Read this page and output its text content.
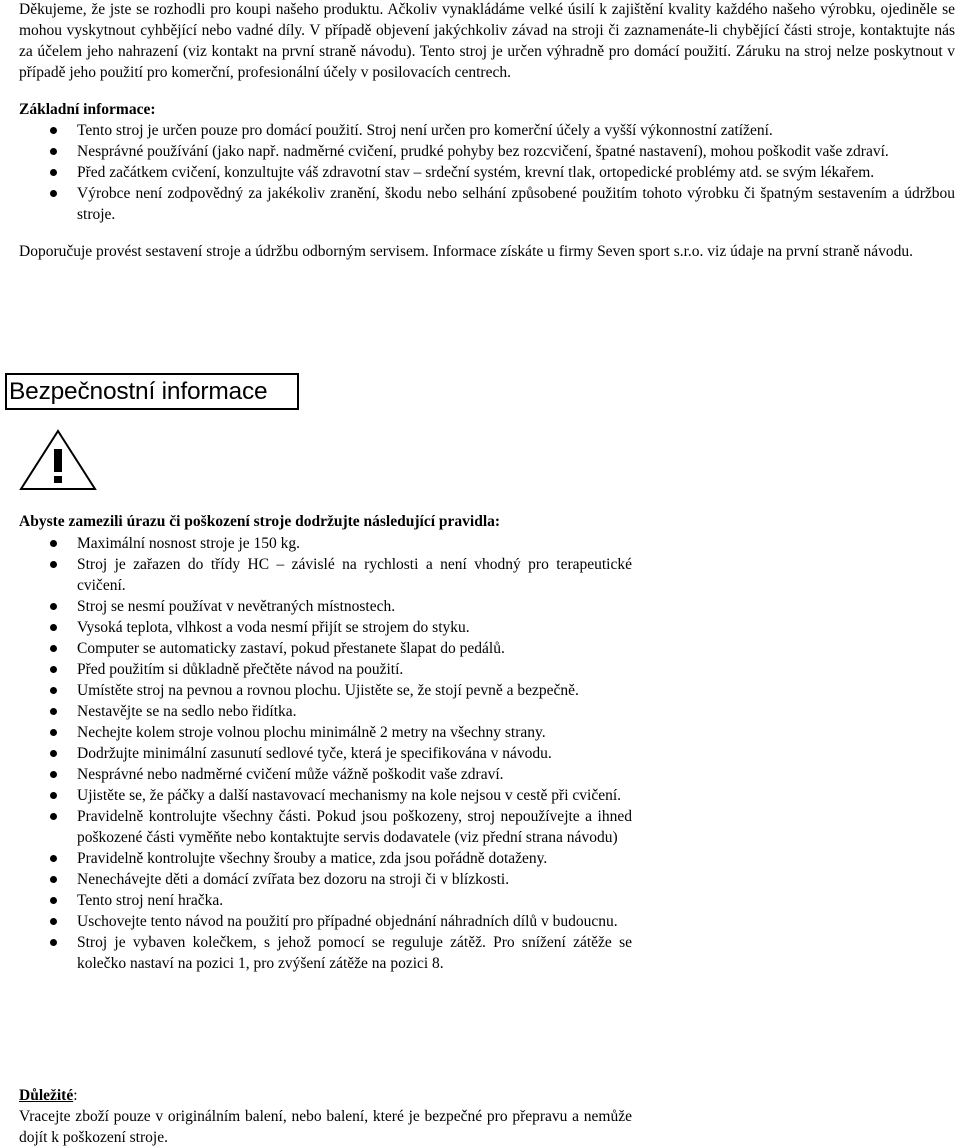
Děkujeme, že jste se rozhodli pro koupi našeho produktu. Ačkoliv vynakládáme velké úsilí k zajištění kvality každého našeho výrobku, ojediněle se mohou vyskytnout cyhbějící nebo vadné díly. V případě objevení jakýchkoliv závad na stroji či zaznamenáte-li chybějící části stroje, kontaktujte nás za účelem jeho nahrazení (viz kontakt na první straně návodu). Tento stroj je určen výhradně pro domácí použití. Záruku na stroj nelze poskytnout v případě jeho použití pro komerční, profesionální účely v posilovacích centrech.

Základní informace:
Tento stroj je určen pouze pro domácí použití. Stroj není určen pro komerční účely a vyšší výkonnostní zatížení.
Nesprávné používání (jako např. nadměrné cvičení, prudké pohyby bez rozcvičení, špatné nastavení), mohou poškodit vaše zdraví.
Před začátkem cvičení, konzultujte váš zdravotní stav – srdeční systém, krevní tlak, ortopedické problémy atd. se svým lékařem.
Výrobce není zodpovědný za jakékoliv zranění, škodu nebo selhání způsobené použitím tohoto výrobku či špatným sestavením a údržbou stroje.

Doporučuje provést sestavení stroje a údržbu odborným servisem. Informace získáte u firmy Seven sport s.r.o. viz údaje na první straně návodu.

Bezpečnostní informace
Abyste zamezili úrazu či poškození stroje dodržujte následující pravidla:
Maximální nosnost stroje je 150 kg.
Stroj je zařazen do třídy HC – závislé na rychlosti a není vhodný pro terapeutické cvičení.
Stroj se nesmí používat v nevětraných místnostech.
Vysoká teplota, vlhkost a voda nesmí přijít se strojem do styku.
Computer se automaticky zastaví, pokud přestanete šlapat do pedálů.
Před použitím si důkladně přečtěte návod na použití.
Umístěte stroj na pevnou a rovnou plochu. Ujistěte se, že stojí pevně a bezpečně.
Nestavějte se na sedlo nebo řidítka.
Nechejte kolem stroje volnou plochu minimálně 2 metry na všechny strany.
Dodržujte minimální zasunutí sedlové tyče, která je specifikována v návodu.
Nesprávné nebo nadměrné cvičení může vážně poškodit vaše zdraví.
Ujistěte se, že páčky a další nastavovací mechanismy na kole nejsou v cestě při cvičení.
Pravidelně kontrolujte všechny části. Pokud jsou poškozeny, stroj nepoužívejte a ihned poškozené části vyměňte nebo kontaktujte servis dodavatele (viz přední strana návodu)
Pravidelně kontrolujte všechny šrouby a matice, zda jsou pořádně dotaženy.
Nenechávejte děti a domácí zvířata bez dozoru na stroji či v blízkosti.
Tento stroj není hračka.
Uschovejte tento návod na použití pro případné objednání náhradních dílů v budoucnu.
Stroj je vybaven kolečkem, s jehož pomocí se reguluje zátěž. Pro snížení zátěže se kolečko nastaví na pozici 1, pro zvýšení zátěže na pozici 8.
Důležité:

Vracejte zboží pouze v originálním balení, nebo balení, které je bezpečné pro přepravu a nemůže dojít k poškození stroje.
